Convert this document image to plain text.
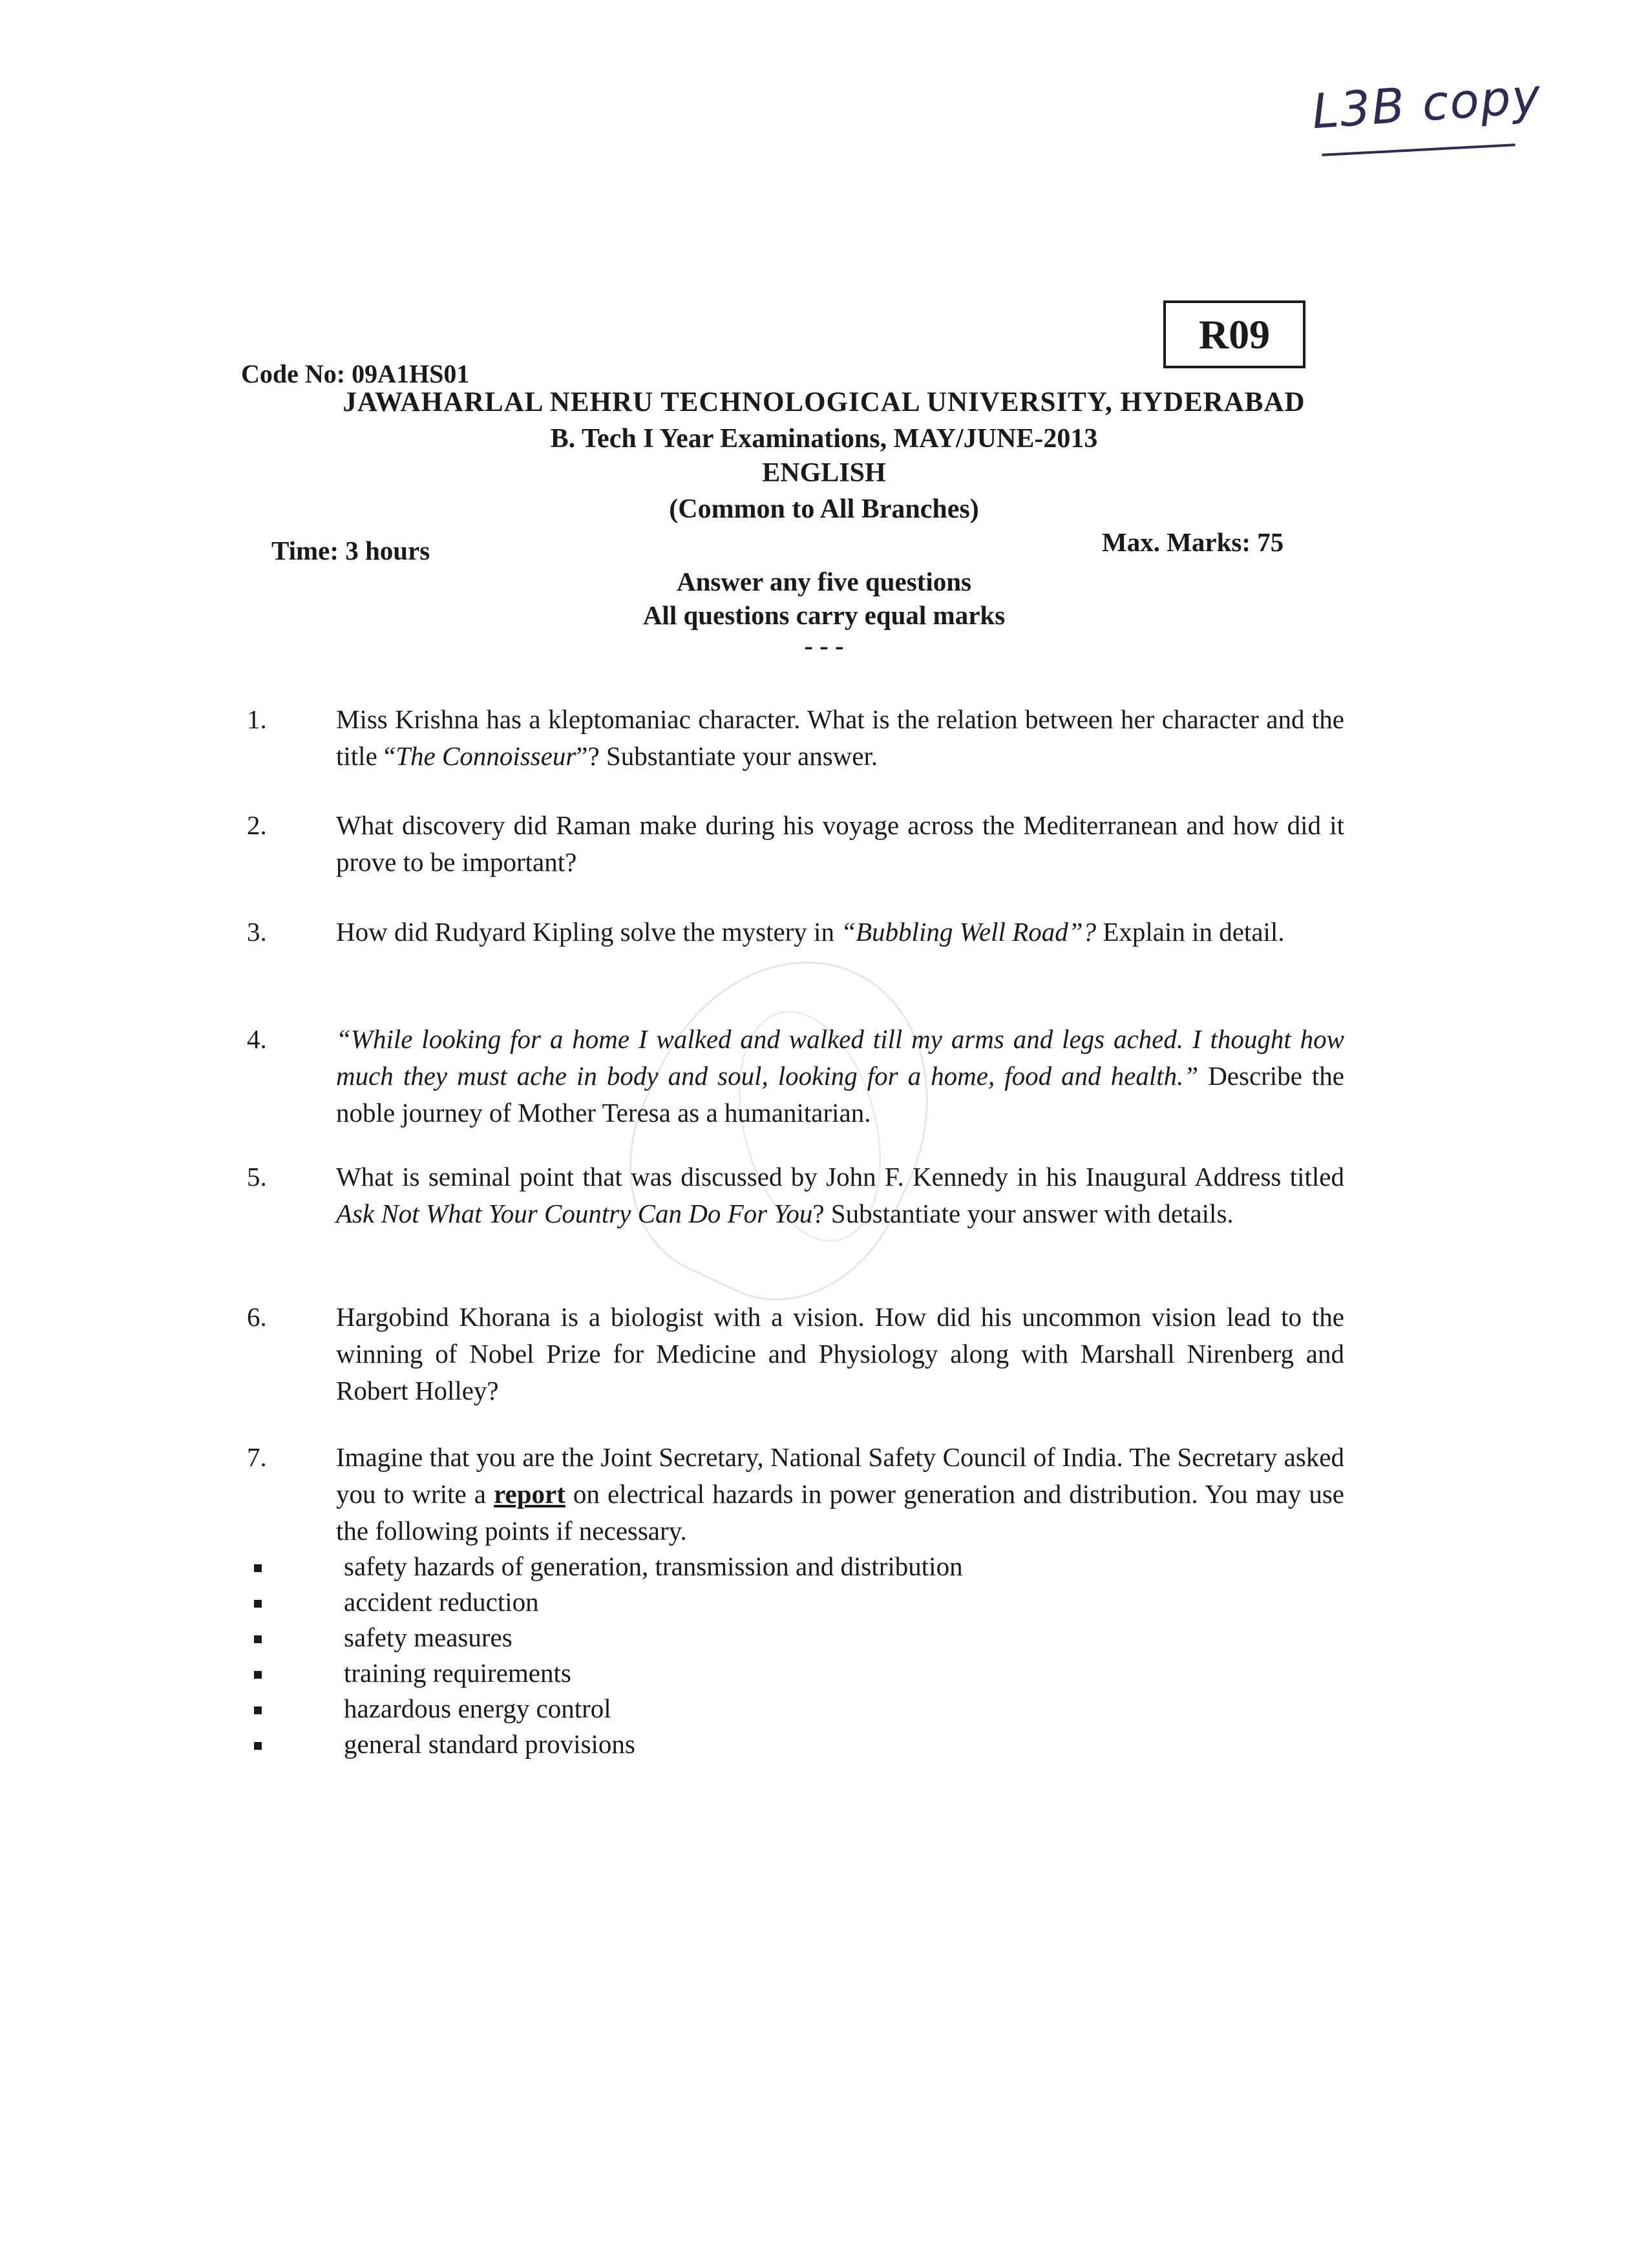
L3B copy
R09
Code No: 09A1HS01
JAWAHARLAL NEHRU TECHNOLOGICAL UNIVERSITY, HYDERABAD
B. Tech I Year Examinations, MAY/JUNE-2013
ENGLISH
(Common to All Branches)
Time: 3 hours	Max. Marks: 75
Answer any five questions
All questions carry equal marks
- - -
1.	Miss Krishna has a kleptomaniac character. What is the relation between her character and the title “The Connoisseur”? Substantiate your answer.
2.	What discovery did Raman make during his voyage across the Mediterranean and how did it prove to be important?
3.	How did Rudyard Kipling solve the mystery in “Bubbling Well Road”? Explain in detail.
4.	“While looking for a home I walked and walked till my arms and legs ached. I thought how much they must ache in body and soul, looking for a home, food and health.” Describe the noble journey of Mother Teresa as a humanitarian.
5.	What is seminal point that was discussed by John F. Kennedy in his Inaugural Address titled Ask Not What Your Country Can Do For You? Substantiate your answer with details.
6.	Hargobind Khorana is a biologist with a vision. How did his uncommon vision lead to the winning of Nobel Prize for Medicine and Physiology along with Marshall Nirenberg and Robert Holley?
7.	Imagine that you are the Joint Secretary, National Safety Council of India. The Secretary asked you to write a report on electrical hazards in power generation and distribution. You may use the following points if necessary.
safety hazards of generation, transmission and distribution
accident reduction
safety measures
training requirements
hazardous energy control
general standard provisions
